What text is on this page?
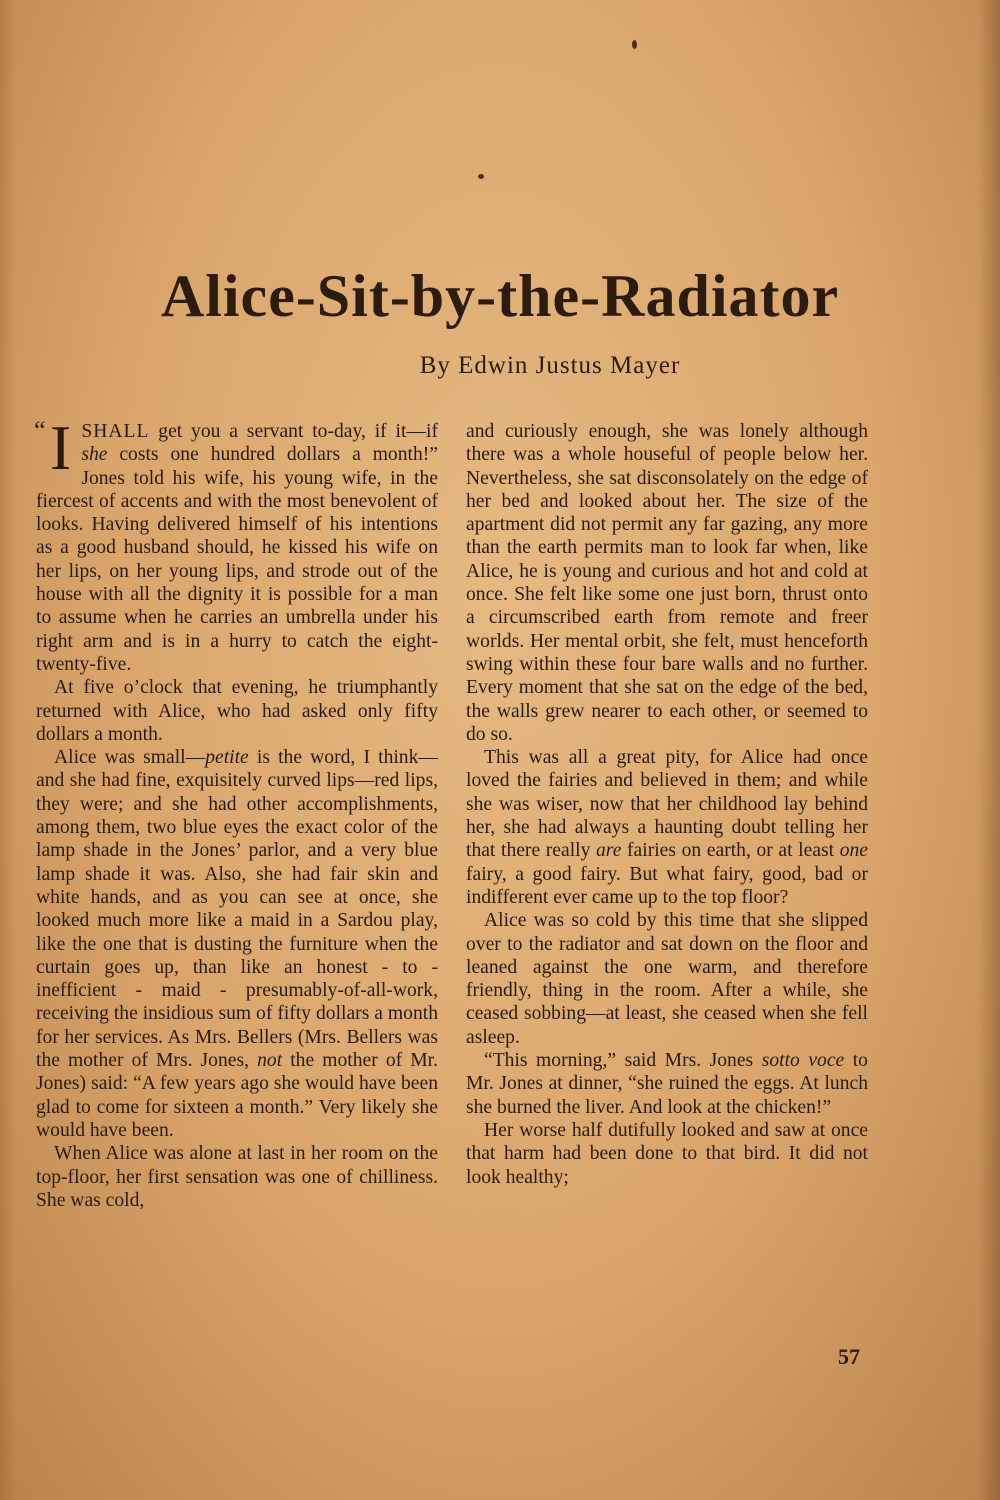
Alice-Sit-by-the-Radiator
By Edwin Justus Mayer
“ I SHALL get you a servant to-day, if it—if she costs one hundred dollars a month!” Jones told his wife, his young wife, in the fiercest of accents and with the most benevolent of looks. Having delivered himself of his intentions as a good husband should, he kissed his wife on her lips, on her young lips, and strode out of the house with all the dignity it is possible for a man to assume when he carries an umbrella under his right arm and is in a hurry to catch the eight-twenty-five.

At five o’clock that evening, he triumphantly returned with Alice, who had asked only fifty dollars a month.

Alice was small—petite is the word, I think—and she had fine, exquisitely curved lips—red lips, they were; and she had other accomplishments, among them, two blue eyes the exact color of the lamp shade in the Jones’ parlor, and a very blue lamp shade it was. Also, she had fair skin and white hands, and as you can see at once, she looked much more like a maid in a Sardou play, like the one that is dusting the furniture when the curtain goes up, than like an honest - to - inefficient - maid - presumably-of-all-work, receiving the insidious sum of fifty dollars a month for her services. As Mrs. Bellers (Mrs. Bellers was the mother of Mrs. Jones, not the mother of Mr. Jones) said: “A few years ago she would have been glad to come for sixteen a month.” Very likely she would have been.

When Alice was alone at last in her room on the top-floor, her first sensation was one of chilliness. She was cold,

and curiously enough, she was lonely although there was a whole houseful of people below her. Nevertheless, she sat disconsolately on the edge of her bed and looked about her. The size of the apartment did not permit any far gazing, any more than the earth permits man to look far when, like Alice, he is young and curious and hot and cold at once. She felt like some one just born, thrust onto a circumscribed earth from remote and freer worlds. Her mental orbit, she felt, must henceforth swing within these four bare walls and no further. Every moment that she sat on the edge of the bed, the walls grew nearer to each other, or seemed to do so.

This was all a great pity, for Alice had once loved the fairies and believed in them; and while she was wiser, now that her childhood lay behind her, she had always a haunting doubt telling her that there really are fairies on earth, or at least one fairy, a good fairy. But what fairy, good, bad or indifferent ever came up to the top floor?

Alice was so cold by this time that she slipped over to the radiator and sat down on the floor and leaned against the one warm, and therefore friendly, thing in the room. After a while, she ceased sobbing—at least, she ceased when she fell asleep.

“This morning,” said Mrs. Jones sotto voce to Mr. Jones at dinner, “she ruined the eggs. At lunch she burned the liver. And look at the chicken!”

Her worse half dutifully looked and saw at once that harm had been done to that bird. It did not look healthy;

57
